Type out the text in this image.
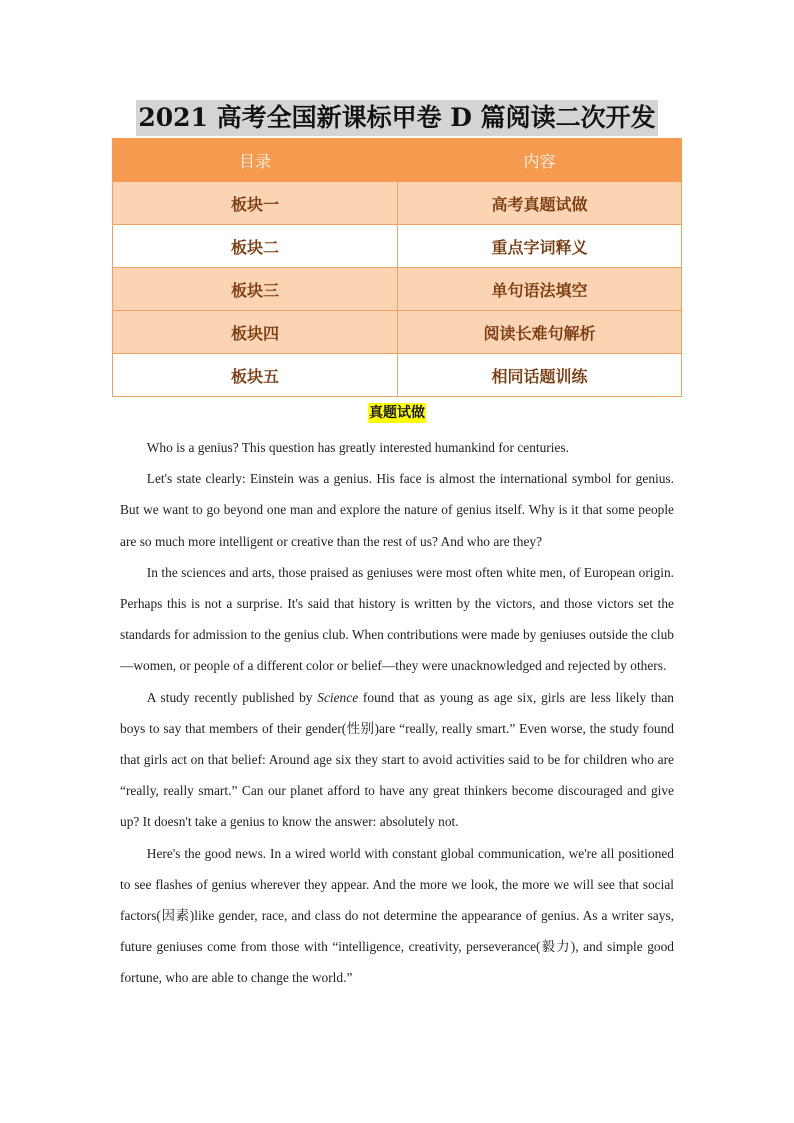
2021 高考全国新课标甲卷 D 篇阅读二次开发
目录	内容
板块一	高考真题试做
板块二	重点字词释义
板块三	单句语法填空
板块四	阅读长难句解析
板块五	相同话题训练
真题试做

Who is a genius? This question has greatly interested humankind for centuries.

Let's state clearly: Einstein was a genius. His face is almost the international symbol for genius. But we want to go beyond one man and explore the nature of genius itself. Why is it that some people are so much more intelligent or creative than the rest of us? And who are they?

In the sciences and arts, those praised as geniuses were most often white men, of European origin. Perhaps this is not a surprise. It's said that history is written by the victors, and those victors set the standards for admission to the genius club. When contributions were made by geniuses outside the club—women, or people of a different color or belief—they were unacknowledged and rejected by others.

A study recently published by Science found that as young as age six, girls are less likely than boys to say that members of their gender(性别)are “really, really smart.” Even worse, the study found that girls act on that belief: Around age six they start to avoid activities said to be for children who are “really, really smart.” Can our planet afford to have any great thinkers become discouraged and give up? It doesn't take a genius to know the answer: absolutely not.

Here's the good news. In a wired world with constant global communication, we're all positioned to see flashes of genius wherever they appear. And the more we look, the more we will see that social factors(因素)like gender, race, and class do not determine the appearance of genius. As a writer says, future geniuses come from those with “intelligence, creativity, perseverance(毅力), and simple good fortune, who are able to change the world.”
